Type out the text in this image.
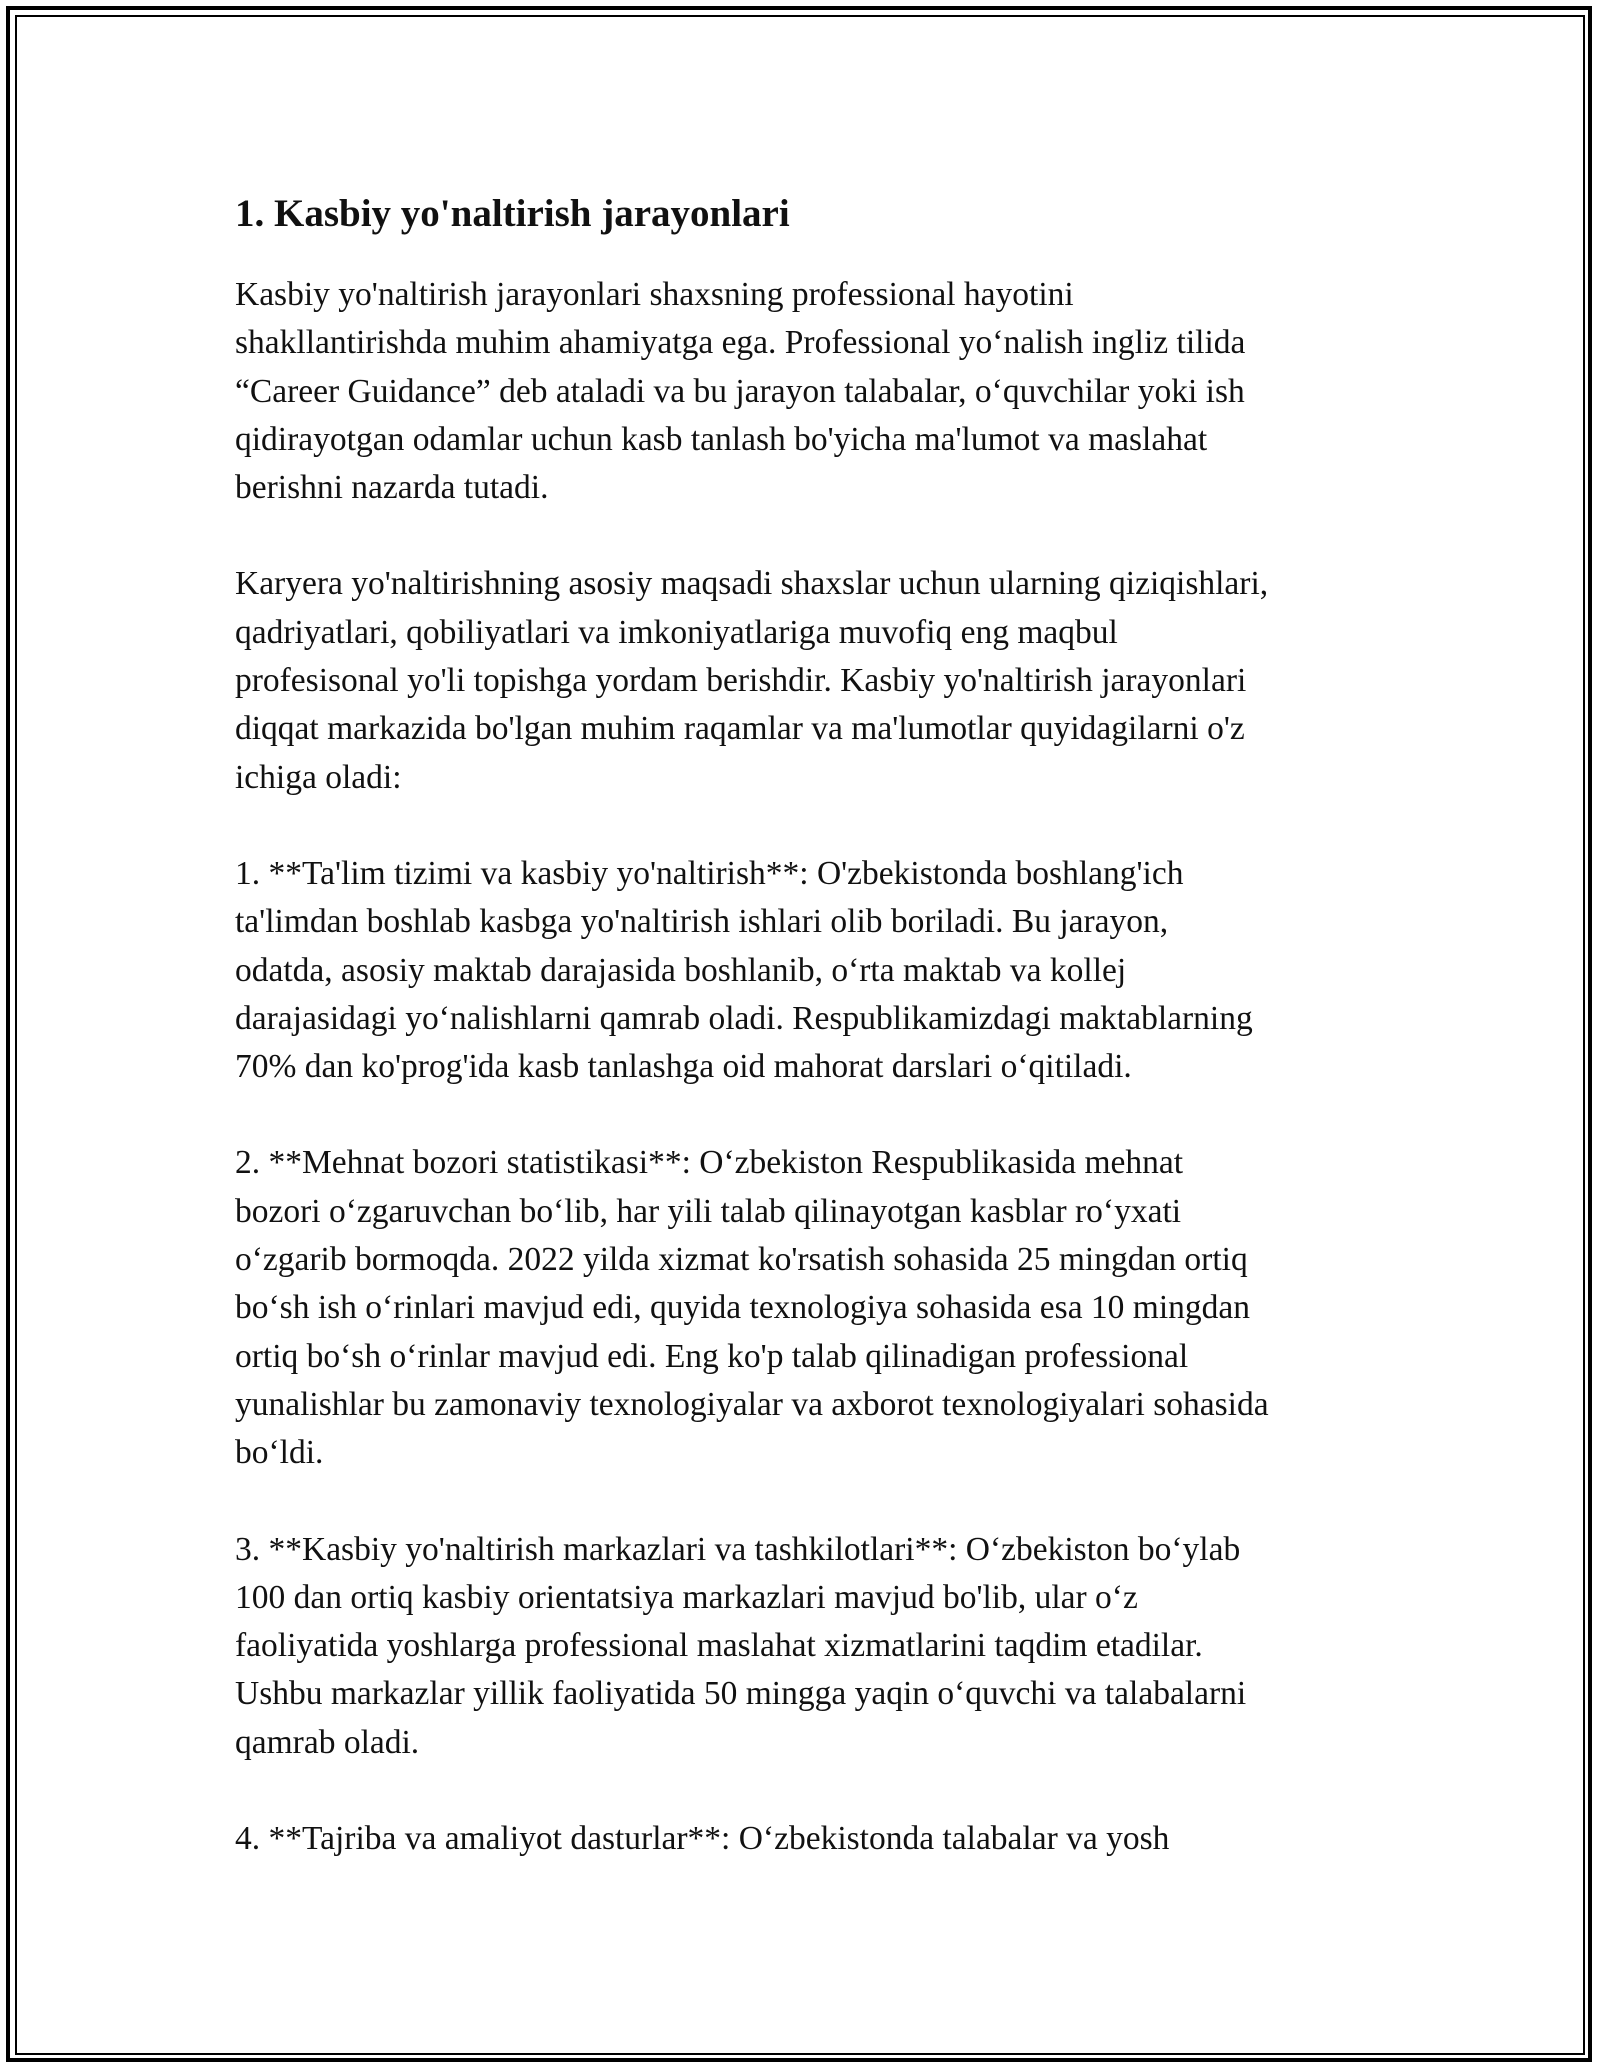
1. Kasbiy yo'naltirish jarayonlari

Kasbiy yo'naltirish jarayonlari shaxsning professional hayotini
shakllantirishda muhim ahamiyatga ega. Professional yo‘nalish ingliz tilida
“Career Guidance” deb ataladi va bu jarayon talabalar, o‘quvchilar yoki ish
qidirayotgan odamlar uchun kasb tanlash bo'yicha ma'lumot va maslahat
berishni nazarda tutadi.

Karyera yo'naltirishning asosiy maqsadi shaxslar uchun ularning qiziqishlari,
qadriyatlari, qobiliyatlari va imkoniyatlariga muvofiq eng maqbul
profesisonal yo'li topishga yordam berishdir. Kasbiy yo'naltirish jarayonlari
diqqat markazida bo'lgan muhim raqamlar va ma'lumotlar quyidagilarni o'z
ichiga oladi:

1. **Ta'lim tizimi va kasbiy yo'naltirish**: O'zbekistonda boshlang'ich
ta'limdan boshlab kasbga yo'naltirish ishlari olib boriladi. Bu jarayon,
odatda, asosiy maktab darajasida boshlanib, o‘rta maktab va kollej
darajasidagi yo‘nalishlarni qamrab oladi. Respublikamizdagi maktablarning
70% dan ko'prog'ida kasb tanlashga oid mahorat darslari o‘qitiladi.

2. **Mehnat bozori statistikasi**: O‘zbekiston Respublikasida mehnat
bozori o‘zgaruvchan bo‘lib, har yili talab qilinayotgan kasblar ro‘yxati
o‘zgarib bormoqda. 2022 yilda xizmat ko'rsatish sohasida 25 mingdan ortiq
bo‘sh ish o‘rinlari mavjud edi, quyida texnologiya sohasida esa 10 mingdan
ortiq bo‘sh o‘rinlar mavjud edi. Eng ko'p talab qilinadigan professional
yunalishlar bu zamonaviy texnologiyalar va axborot texnologiyalari sohasida
bo‘ldi.

3. **Kasbiy yo'naltirish markazlari va tashkilotlari**: O‘zbekiston bo‘ylab
100 dan ortiq kasbiy orientatsiya markazlari mavjud bo'lib, ular o‘z
faoliyatida yoshlarga professional maslahat xizmatlarini taqdim etadilar.
Ushbu markazlar yillik faoliyatida 50 mingga yaqin o‘quvchi va talabalarni
qamrab oladi.

4. **Tajriba va amaliyot dasturlar**: O‘zbekistonda talabalar va yosh
